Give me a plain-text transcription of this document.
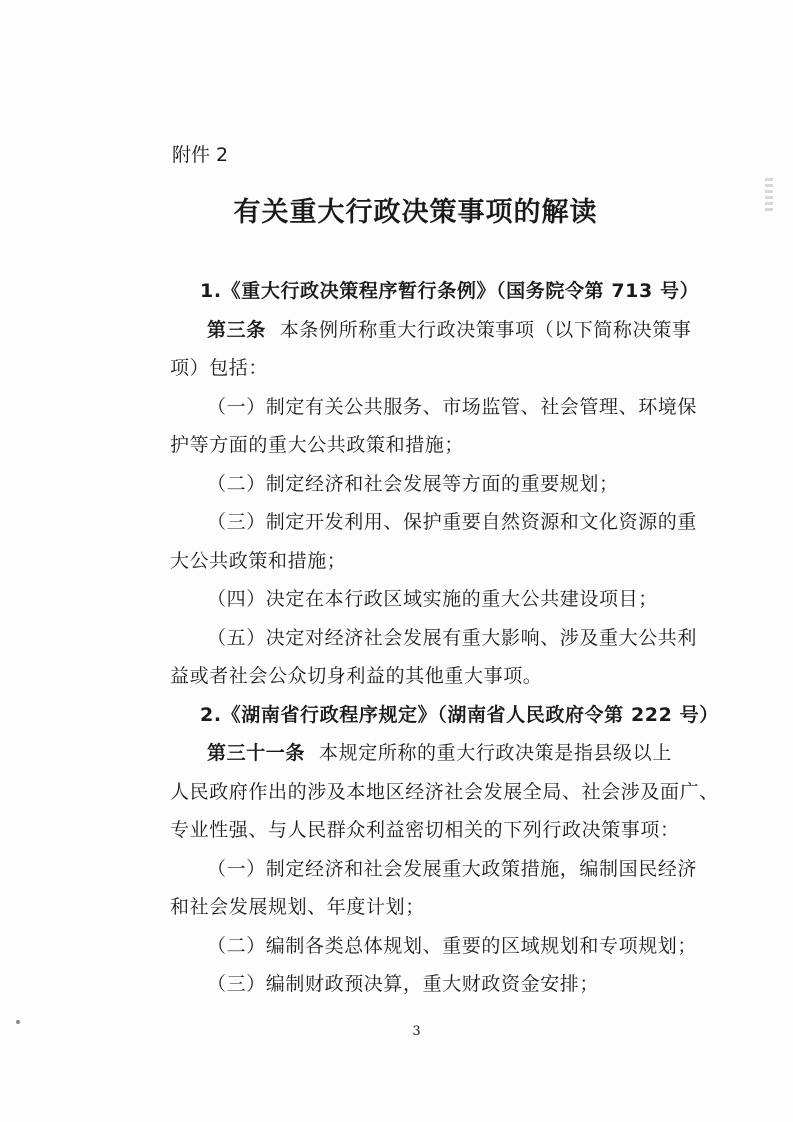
附件 2
有关重大行政决策事项的解读
1.《重大行政决策程序暂行条例》（国务院令第 713 号）
第三条 本条例所称重大行政决策事项（以下简称决策事
项）包括：
（一）制定有关公共服务、市场监管、社会管理、环境保
护等方面的重大公共政策和措施；
（二）制定经济和社会发展等方面的重要规划；
（三）制定开发利用、保护重要自然资源和文化资源的重
大公共政策和措施；
（四）决定在本行政区域实施的重大公共建设项目；
（五）决定对经济社会发展有重大影响、涉及重大公共利
益或者社会公众切身利益的其他重大事项。
2.《湖南省行政程序规定》（湖南省人民政府令第 222 号）
第三十一条 本规定所称的重大行政决策是指县级以上
人民政府作出的涉及本地区经济社会发展全局、社会涉及面广、
专业性强、与人民群众利益密切相关的下列行政决策事项：
（一）制定经济和社会发展重大政策措施，编制国民经济
和社会发展规划、年度计划；
（二）编制各类总体规划、重要的区域规划和专项规划；
（三）编制财政预决算，重大财政资金安排；
3
